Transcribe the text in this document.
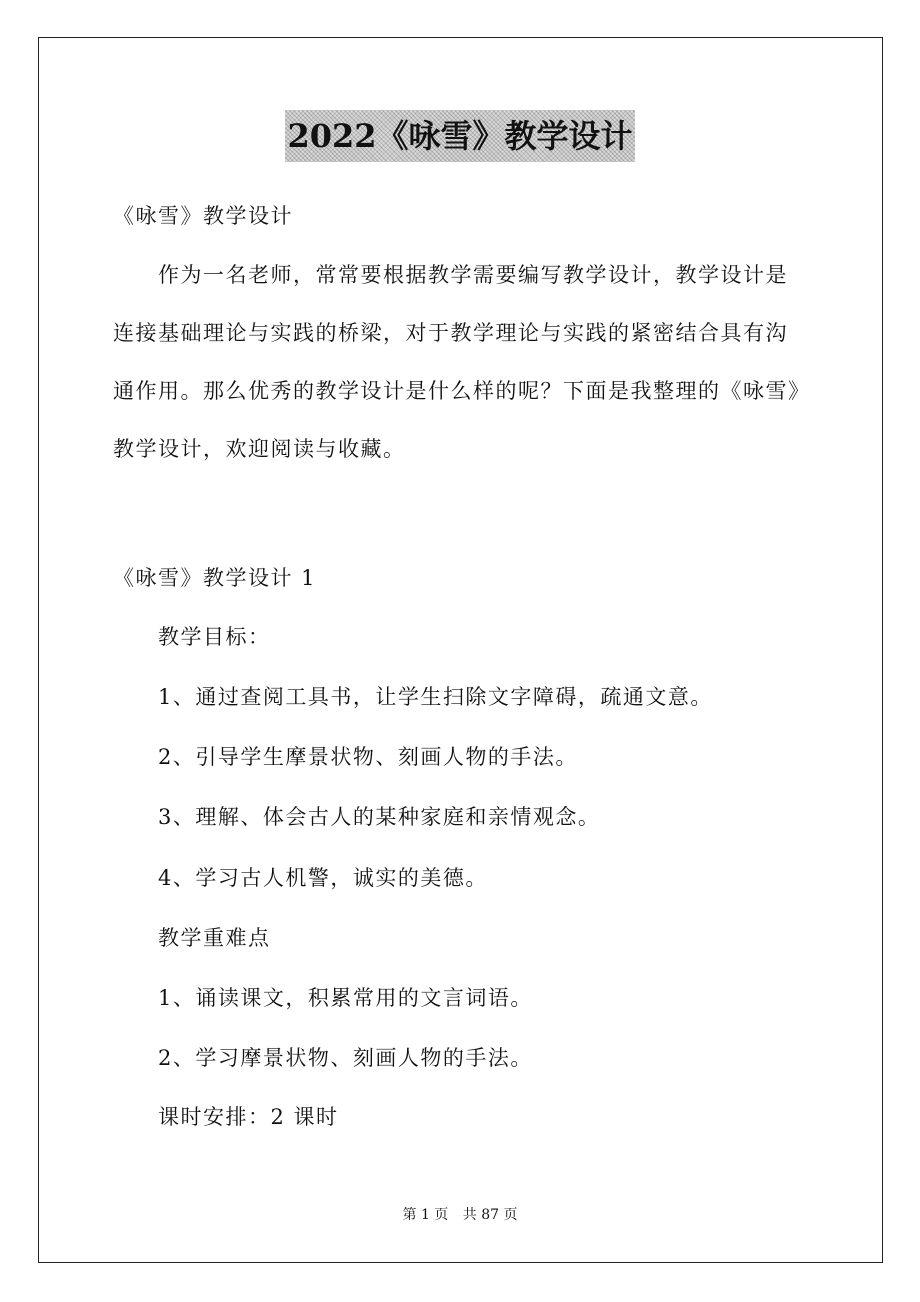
2022《咏雪》教学设计
《咏雪》教学设计
作为一名老师，常常要根据教学需要编写教学设计，教学设计是
连接基础理论与实践的桥梁，对于教学理论与实践的紧密结合具有沟
通作用。那么优秀的教学设计是什么样的呢？下面是我整理的《咏雪》
教学设计，欢迎阅读与收藏。
《咏雪》教学设计 1
教学目标：
1、通过查阅工具书，让学生扫除文字障碍，疏通文意。
2、引导学生摩景状物、刻画人物的手法。
3、理解、体会古人的某种家庭和亲情观念。
4、学习古人机警，诚实的美德。
教学重难点
1、诵读课文，积累常用的文言词语。
2、学习摩景状物、刻画人物的手法。
课时安排：2 课时
第 1 页 共 87 页
